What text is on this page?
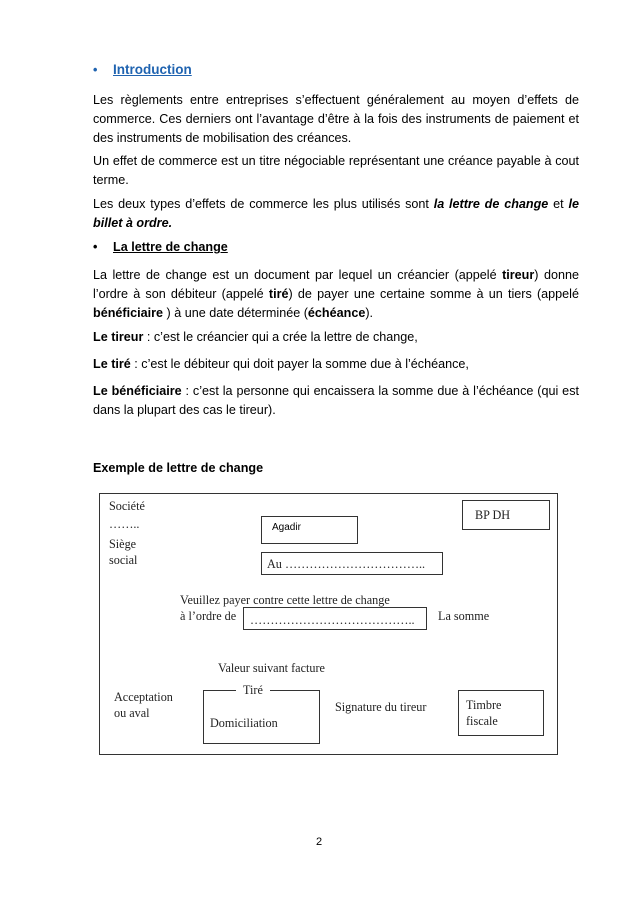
• Introduction

Les règlements entre entreprises s’effectuent généralement au moyen d’effets de commerce. Ces derniers ont l’avantage d’être à la fois des instruments de paiement et des instruments de mobilisation des créances.

Un effet de commerce est un titre négociable représentant une créance payable à cout terme.

Les deux types d’effets de commerce les plus utilisés sont la lettre de change et le billet à ordre.

• La lettre de change

La lettre de change est un document par lequel un créancier (appelé tireur) donne l’ordre à son débiteur (appelé tiré) de payer une certaine somme à un tiers (appelé bénéficiaire ) à une date déterminée (échéance).

Le tireur : c’est le créancier qui a crée la lettre de change,

Le tiré : c’est le débiteur qui doit payer la somme due à l’échéance,

Le bénéficiaire : c’est la personne qui encaissera la somme due à l’échéance (qui est dans la plupart des cas le tireur).

Exemple de lettre de change

Société
……..
Siège
social
Agadir
BP DH
Au ……………………………..
Veuillez payer contre cette lettre de change
à l’ordre de ………………………………….. La somme
Valeur suivant facture
Acceptation
ou aval
Tiré
Domiciliation
Signature du tireur	Timbre
fiscale
2
